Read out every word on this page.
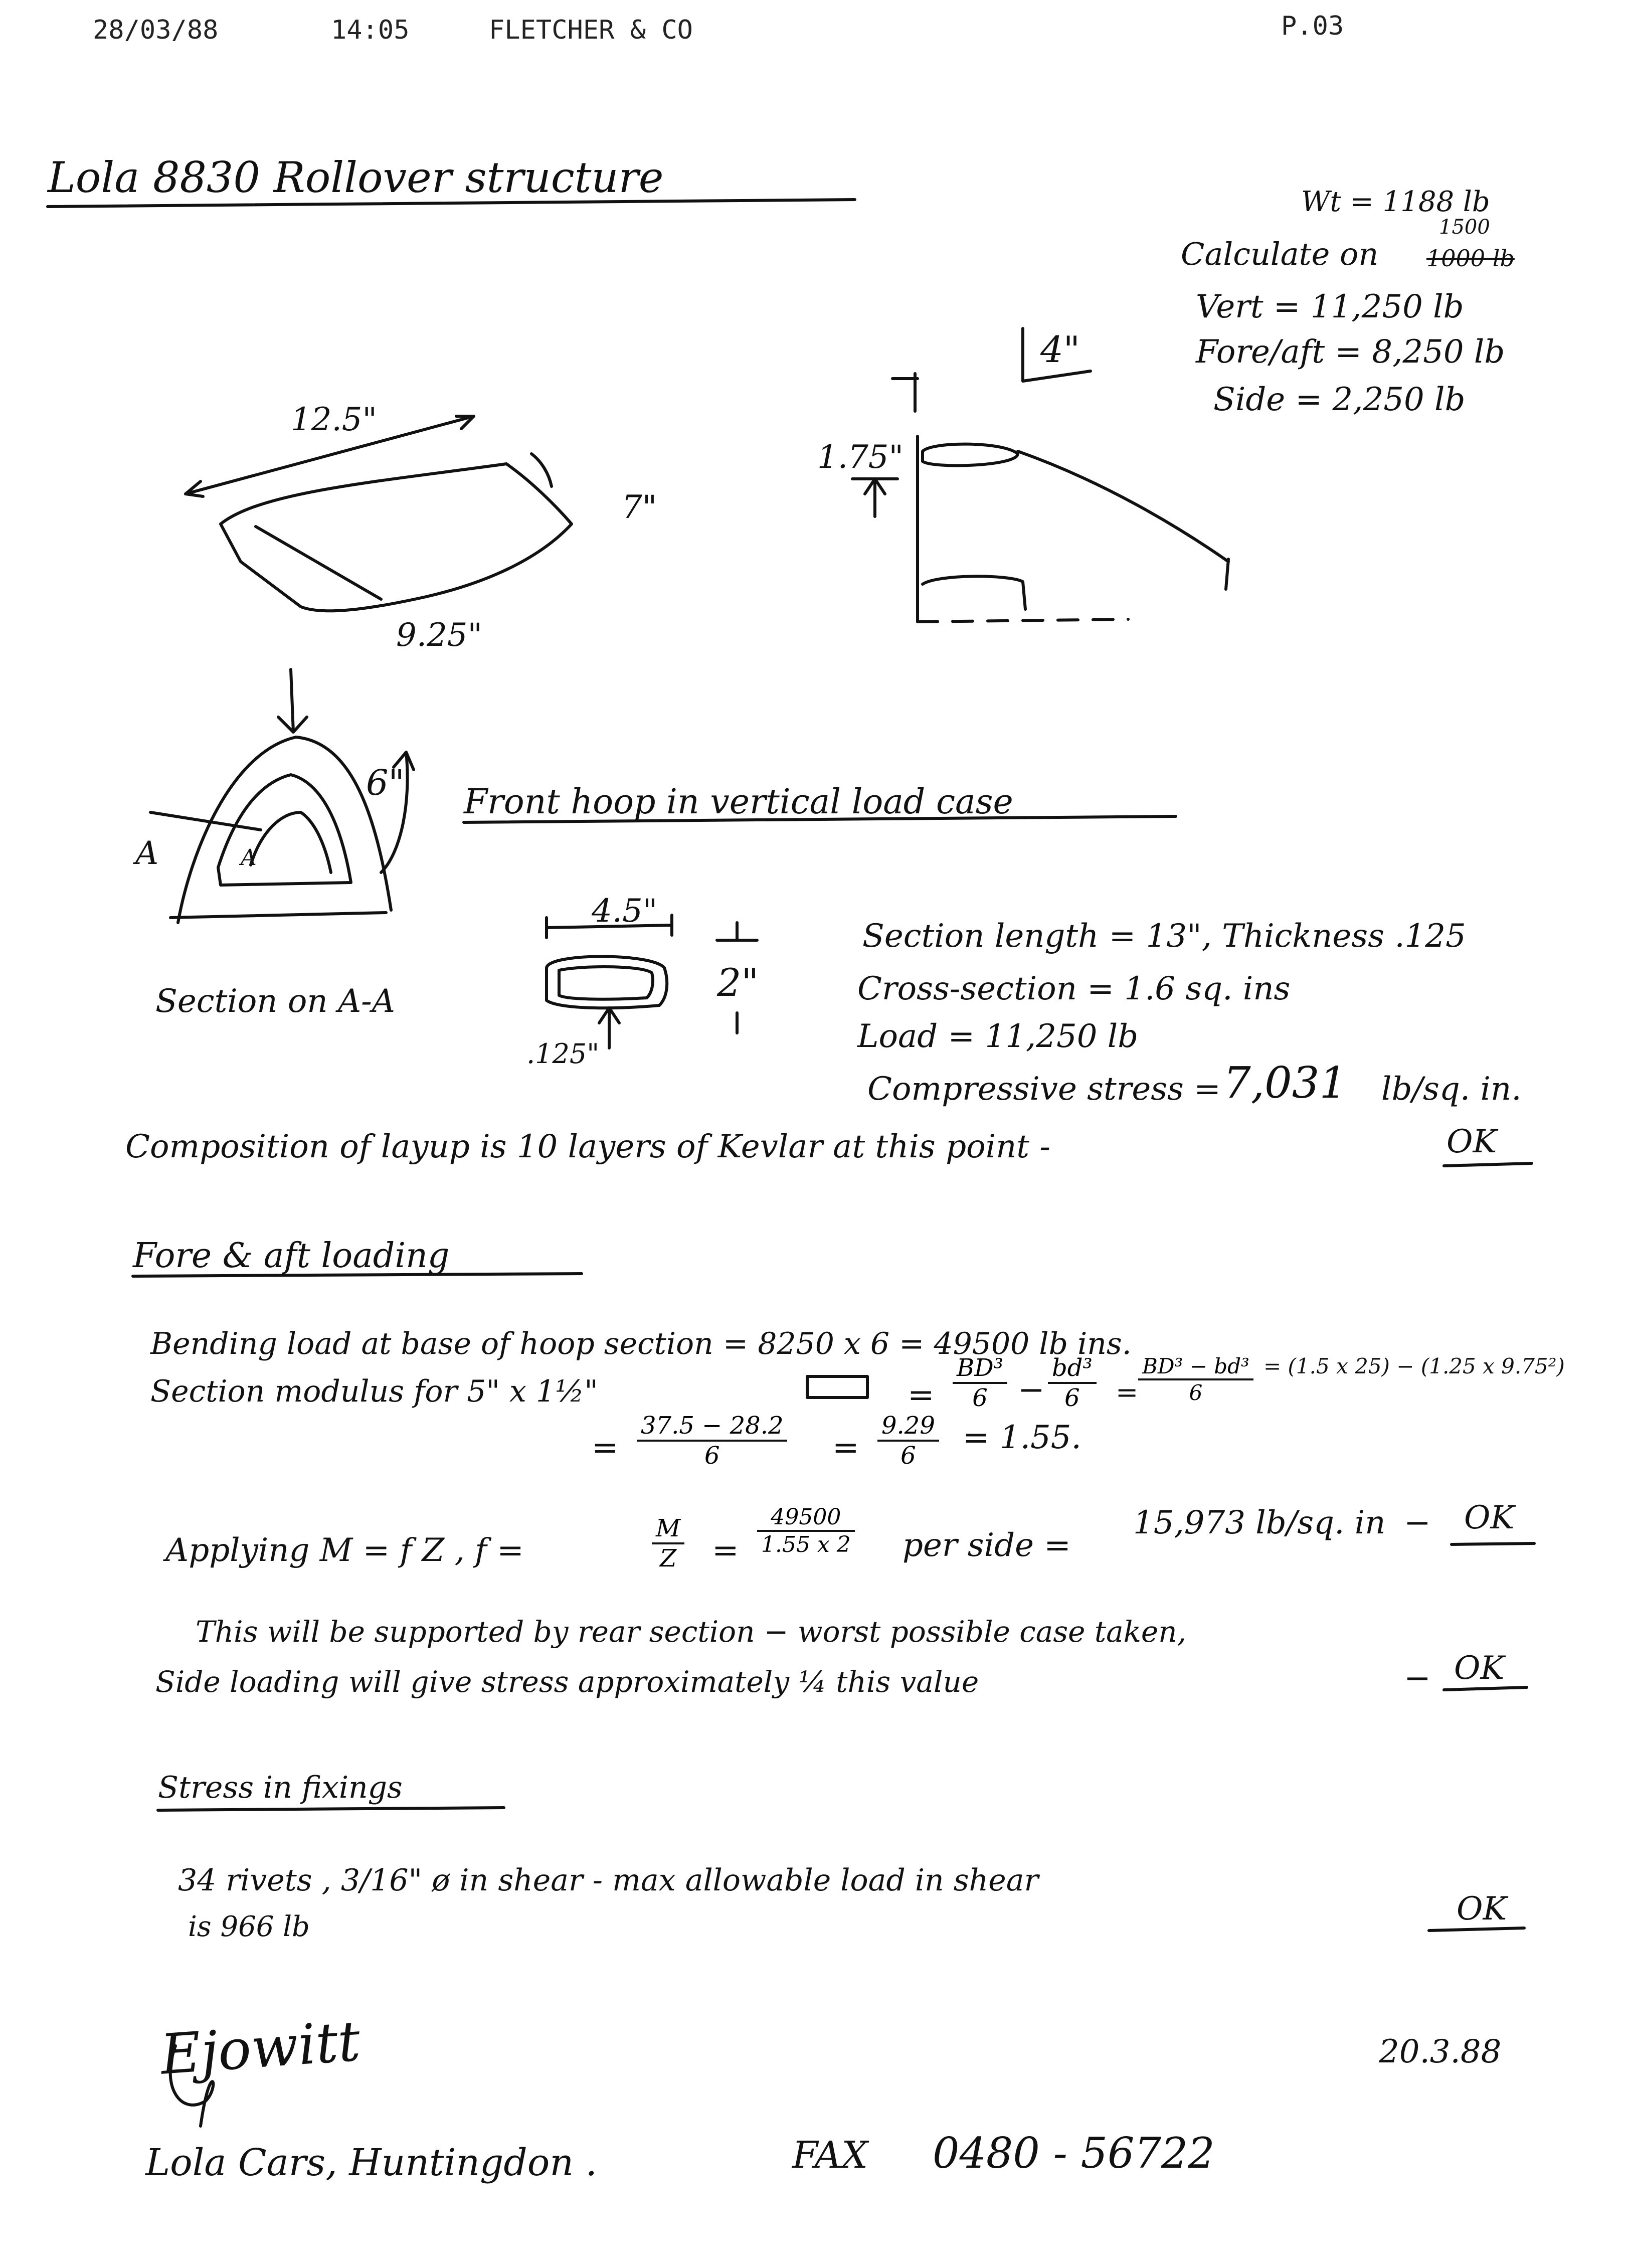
28/03/88	14:05	FLETCHER & CO	P.03
Lola 8830 Rollover structure	Wt = 1188 lb
Calculate on 1000 lb
1500
Vert = 11,250 lb
Fore/aft = 8,250 lb
Side = 2,250 lb
12.5"
7"
9.25"
4"
1.75"
6"
A	A
Front hoop in vertical load case
Section on A-A
4.5"
2"
.125"
Section length = 13", Thickness .125
Cross-section = 1.6 sq. ins
Load = 11,250 lb
Compressive stress = 7,031 lb/sq. in.
Composition of layup is 10 layers of Kevlar at this point -	OK
Fore & aft loading
Bending load at base of hoop section = 8250 x 6 = 49500 lb ins.
Section modulus for 5" x 1½"	= $\frac{\text{BD³}}{6} - \frac{\text{bd³}}{6} = \frac{\text{BD³ − bd³}}{6} = (1.5$ x 25) − (1.25 x 9.75²)
= $\frac{37.5 - 28.2}{6} = \frac{9.29}{6} = 1.55$.
Applying M = f Z , f =	$\frac{M}{Z} = \frac{49500}{1.55 x 2}$ per side =
15,973 lb/sq. in − OK
This will be supported by rear section − worst possible case taken,
Side loading will give stress approximately ¼ this value	− OK
Stress in fixings
34 rivets , 3/16" ø in shear - max allowable load in shear
is 966 lb	OK
Ejowitt	20.3.88
Lola Cars, Huntingdon .	FAX 0480 - 56722
